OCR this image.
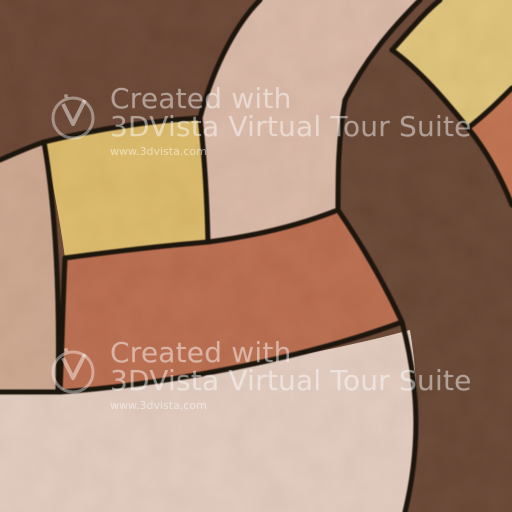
Created with
3DVista Virtual Tour Suite
www.3dvista.com
Created with
3DVista Virtual Tour Suite
www.3dvista.com
